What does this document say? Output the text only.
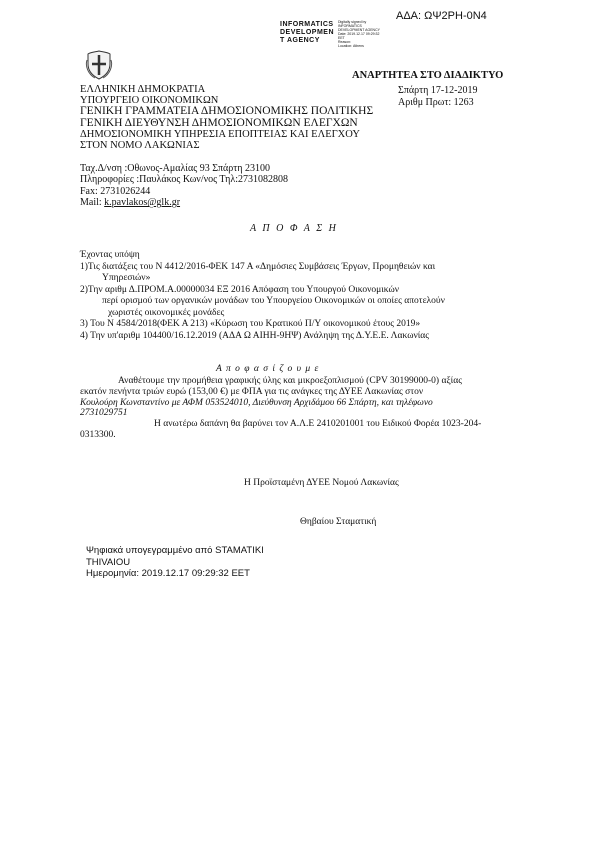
ΑΔΑ: ΩΨ2ΡΗ-0Ν4
INFORMATICS
DEVELOPMEN
T AGENCY
Digitally signed by
INFORMATICS
DEVELOPMENT AGENCY
Date: 2019.12.17 09:29:32
EET
Reason:
Location: Athens
ΑΝΑΡΤΗΤΕΑ ΣΤΟ ΔΙΑΔΙΚΤΥΟ
Σπάρτη 17-12-2019
Αριθμ Πρωτ: 1263
ΕΛΛΗΝΙΚΗ ΔΗΜΟΚΡΑΤΙΑ
ΥΠΟΥΡΓΕΙΟ ΟΙΚΟΝΟΜΙΚΩΝ
ΓΕΝΙΚΗ ΓΡΑΜΜΑΤΕΙΑ ΔΗΜΟΣΙΟΝΟΜΙΚΗΣ ΠΟΛΙΤΙΚΗΣ
ΓΕΝΙΚΗ ΔΙΕΥΘΥΝΣΗ ΔΗΜΟΣΙΟΝΟΜΙΚΩΝ ΕΛΕΓΧΩΝ
ΔΗΜΟΣΙΟΝΟΜΙΚΗ ΥΠΗΡΕΣΙΑ ΕΠΟΠΤΕΙΑΣ ΚΑΙ ΕΛΕΓΧΟΥ
ΣΤΟΝ ΝΟΜΟ ΛΑΚΩΝΙΑΣ
Ταχ.Δ/νση :Οθωνος-Αμαλίας 93 Σπάρτη 23100
Πληροφορίες :Παυλάκος Κων/νος Τηλ:2731082808
Fax: 2731026244
Mail: k.pavlakos@glk.gr
Α Π Ο Φ Α Σ Η
Έχοντας υπόψη
1)Τις διατάξεις του Ν 4412/2016-ΦΕΚ 147 Α «Δημόσιες Συμβάσεις Έργων, Προμηθειών και
Υπηρεσιών»
2)Την αριθμ Δ.ΠΡΟΜ.Α.00000034 ΕΞ 2016 Απόφαση του Υπουργού Οικονομικών
περί ορισμού των οργανικών μονάδων του Υπουργείου Οικονομικών οι οποίες αποτελούν
χωριστές οικονομικές μονάδες
3) Του Ν 4584/2018(ΦΕΚ Α 213) «Κύρωση του Κρατικού Π/Υ οικονομικού έτους 2019»
4) Την υπ'αριθμ 104400/16.12.2019 (ΑΔΑ Ω ΑΙΗΗ-9ΗΨ) Ανάληψη της Δ.Υ.Ε.Ε. Λακωνίας
Α π ο φ α σ ί ζ ο υ μ ε
Αναθέτουμε την προμήθεια γραφικής ύλης και μικροεξοπλισμού (CPV 30199000-0) αξίας
εκατόν πενήντα τριών ευρώ (153,00 €) με ΦΠΑ για τις ανάγκες της ΔΥΕΕ Λακωνίας στον
Κουλούρη Κωνσταντίνο με ΑΦΜ 053524010, Διεύθυνση Αρχιδάμου 66 Σπάρτη, και τηλέφωνο
2731029751
Η ανωτέρω δαπάνη θα βαρύνει τον Α.Λ.Ε 2410201001 του Ειδικού Φορέα 1023-204-
0313300.
Η Προϊσταμένη ΔΥΕΕ Νομού Λακωνίας
Θηβαίου Σταματική
Ψηφιακά υπογεγραμμένο από STAMATIKI
THIVAIOU
Ημερομηνία: 2019.12.17 09:29:32 EET
